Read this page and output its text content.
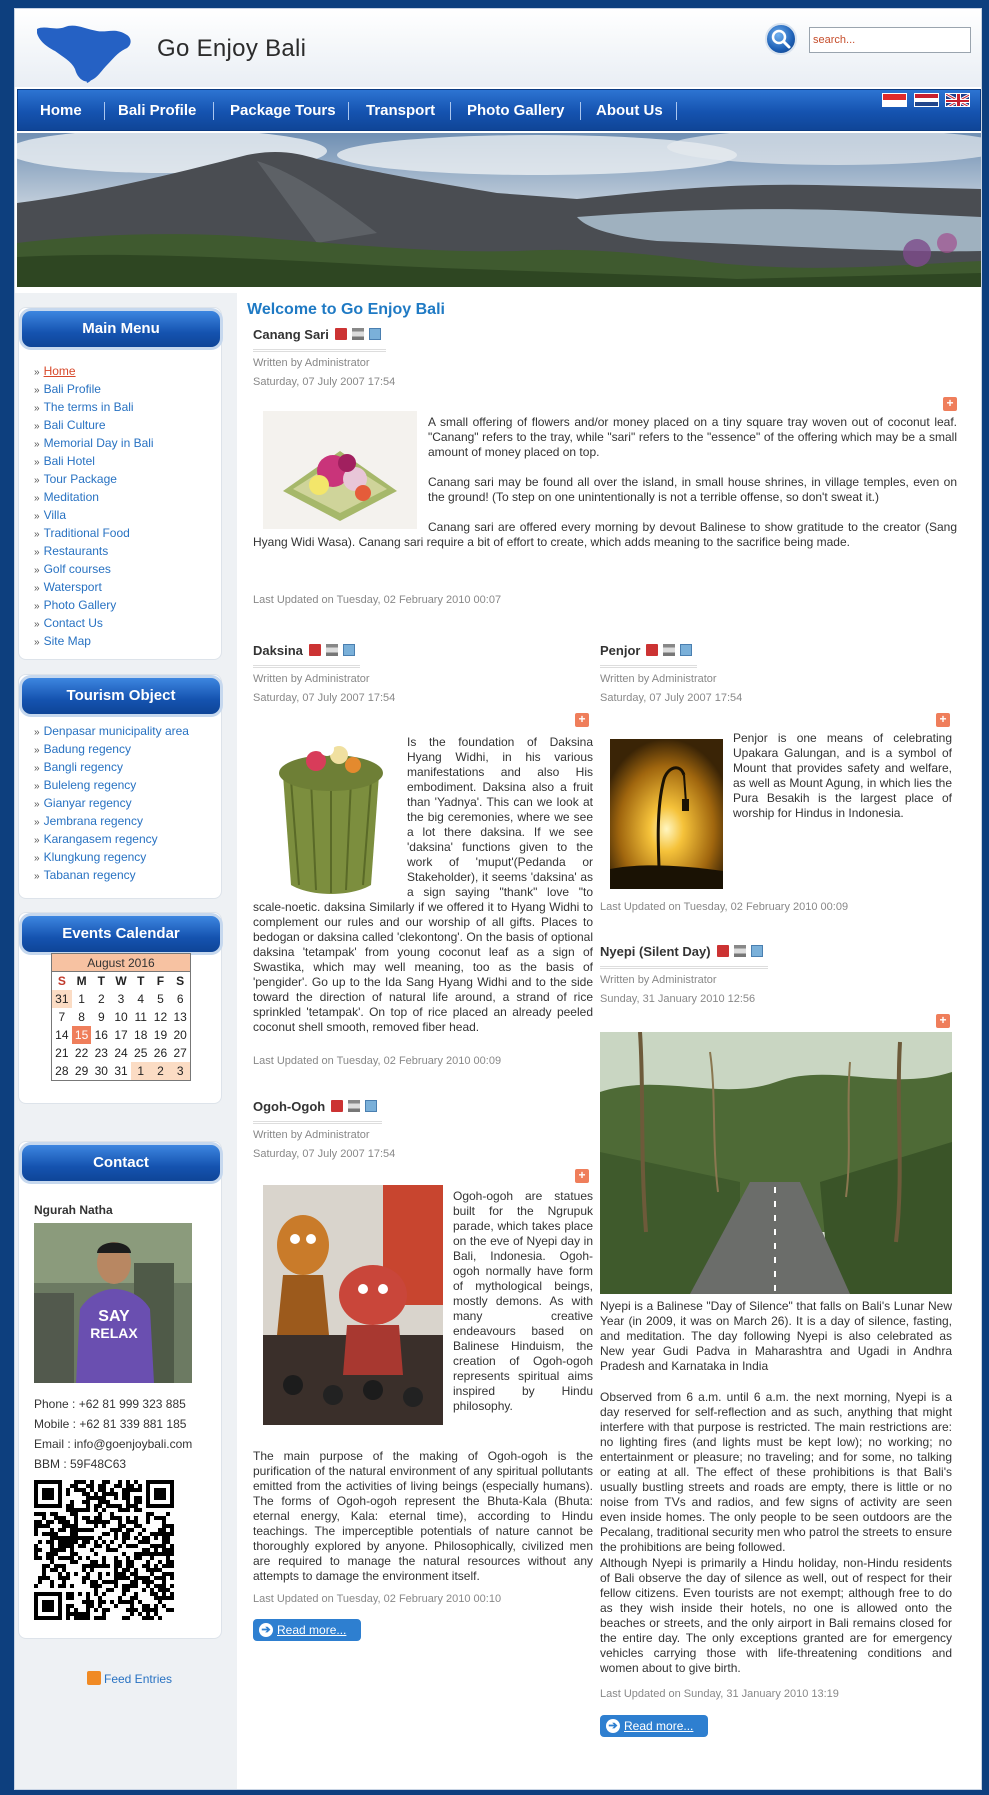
Go Enjoy Bali	search...
Home Bali Profile Package Tours Transport Photo Gallery About Us

Main Menu
» Home
» Bali Profile
» The terms in Bali
» Bali Culture
» Memorial Day in Bali
» Bali Hotel
» Tour Package
» Meditation
» Villa
» Traditional Food
» Restaurants
» Golf courses
» Watersport
» Photo Gallery
» Contact Us
» Site Map
Tourism Object
» Denpasar municipality area
» Badung regency
» Bangli regency
» Buleleng regency
» Gianyar regency
» Jembrana regency
» Karangasem regency
» Klungkung regency
» Tabanan regency
Events Calendar
August 2016
S M T W T	F	S
31 1	2	3	4	5	6
7	8	9 10 11 12 13
14 15 16 17 18 19 20
21 22 23 24 25 26 27
28 29 30 31 1	2	3
Contact
Ngurah Natha
SAY
RELAX
Phone : +62 81 999 323 885
Mobile : +62 81 339 881 185
Email : info@goenjoybali.com
BBM : 59F48C63
Feed Entries
Welcome to Go Enjoy Bali
Canang Sari
Written by Administrator
Saturday, 07 July 2007 17:54
+
A small offering of flowers and/or money placed on a tiny square tray woven out of coconut leaf. "Canang" refers to the tray, while "sari" refers to the "essence" of the offering which may be a small amount of money placed on top.
Canang sari may be found all over the island, in small house shrines, in village temples, even on the ground! (To step on one unintentionally is not a terrible offense, so don't sweat it.)
Canang sari are offered every morning by devout Balinese to show gratitude to the creator (Sang Hyang Widi Wasa). Canang sari require a bit of effort to create, which adds meaning to the sacrifice being made.
Last Updated on Tuesday, 02 February 2010 00:07
Daksina
Written by Administrator
Saturday, 07 July 2007 17:54
+
Is the foundation of Daksina Hyang Widhi, in his various manifestations and also His embodiment. Daksina also a fruit than 'Yadnya'. This can we look at the big ceremonies, where we see a lot there daksina. If we see 'daksina' functions given to the work of 'muput'(Pedanda or Stakeholder), it seems 'daksina' as a sign saying "thank" love "to scale-noetic. daksina Similarly if we offered it to Hyang Widhi to complement our rules and our worship of all gifts. Places to bedogan or daksina called 'clekontong'. On the basis of optional daksina 'tetampak' from young coconut leaf as a sign of Swastika, which may well meaning, too as the basis of 'pengider'. Go up to the Ida Sang Hyang Widhi and to the side toward the direction of natural life around, a strand of rice sprinkled 'tetampak'. On top of rice placed an already peeled coconut shell smooth, removed fiber head.
Last Updated on Tuesday, 02 February 2010 00:09
Penjor
Written by Administrator
Saturday, 07 July 2007 17:54
+
Penjor is one means of celebrating Upakara Galungan, and is a symbol of Mount that provides safety and welfare, as well as Mount Agung, in which lies the Pura Besakih is the largest place of worship for Hindus in Indonesia.
Last Updated on Tuesday, 02 February 2010 00:09
Nyepi (Silent Day)
Written by Administrator
Sunday, 31 January 2010 12:56
+
Nyepi is a Balinese "Day of Silence" that falls on Bali's Lunar New Year (in 2009, it was on March 26). It is a day of silence, fasting, and meditation. The day following Nyepi is also celebrated as New year Gudi Padva in Maharashtra and Ugadi in Andhra Pradesh and Karnataka in India
Observed from 6 a.m. until 6 a.m. the next morning, Nyepi is a day reserved for self-reflection and as such, anything that might interfere with that purpose is restricted. The main restrictions are: no lighting fires (and lights must be kept low); no working; no entertainment or pleasure; no traveling; and for some, no talking or eating at all. The effect of these prohibitions is that Bali's usually bustling streets and roads are empty, there is little or no noise from TVs and radios, and few signs of activity are seen even inside homes. The only people to be seen outdoors are the Pecalang, traditional security men who patrol the streets to ensure the prohibitions are being followed.
Although Nyepi is primarily a Hindu holiday, non-Hindu residents of Bali observe the day of silence as well, out of respect for their fellow citizens. Even tourists are not exempt; although free to do as they wish inside their hotels, no one is allowed onto the beaches or streets, and the only airport in Bali remains closed for the entire day. The only exceptions granted are for emergency vehicles carrying those with life-threatening conditions and women about to give birth.
Last Updated on Sunday, 31 January 2010 13:19
➔ Read more...
Ogoh-Ogoh
Written by Administrator
Saturday, 07 July 2007 17:54
+
Ogoh-ogoh are statues built for the Ngrupuk parade, which takes place on the eve of Nyepi day in Bali, Indonesia. Ogoh-ogoh normally have form of mythological beings, mostly demons. As with many creative endeavours based on Balinese Hinduism, the creation of Ogoh-ogoh represents spiritual aims inspired by Hindu philosophy.
The main purpose of the making of Ogoh-ogoh is the purification of the natural environment of any spiritual pollutants emitted from the activities of living beings (especially humans). The forms of Ogoh-ogoh represent the Bhuta-Kala (Bhuta: eternal energy, Kala: eternal time), according to Hindu teachings. The imperceptible potentials of nature cannot be thoroughly explored by anyone. Philosophically, civilized men are required to manage the natural resources without any attempts to damage the environment itself.
Last Updated on Tuesday, 02 February 2010 00:10
➔ Read more...
